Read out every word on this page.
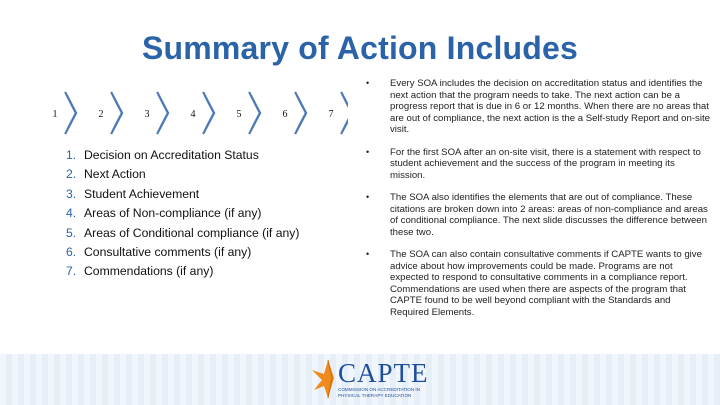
Summary of Action Includes
1	2	3	4	5	6	7
1. Decision on Accreditation Status
2. Next Action
3. Student Achievement
4. Areas of Non-compliance (if any)
5. Areas of Conditional compliance (if any)
6. Consultative comments (if any)
7. Commendations (if any)
• Every SOA includes the decision on accreditation status and identifies the next action that the program needs to take. The next action can be a progress report that is due in 6 or 12 months. When there are no areas that are out of compliance, the next action is the a Self-study Report and on-site visit.
• For the first SOA after an on-site visit, there is a statement with respect to student achievement and the success of the program in meeting its mission.
• The SOA also identifies the elements that are out of compliance. These citations are broken down into 2 areas: areas of non-compliance and areas of conditional compliance. The next slide discusses the difference between these two.
• The SOA can also contain consultative comments if CAPTE wants to give advice about how improvements could be made. Programs are not expected to respond to consultative comments in a compliance report. Commendations are used when there are aspects of the program that CAPTE found to be well beyond compliant with the Standards and Required Elements.
CAPTE
COMMISSION ON ACCREDITATION IN PHYSICAL THERAPY EDUCATION
